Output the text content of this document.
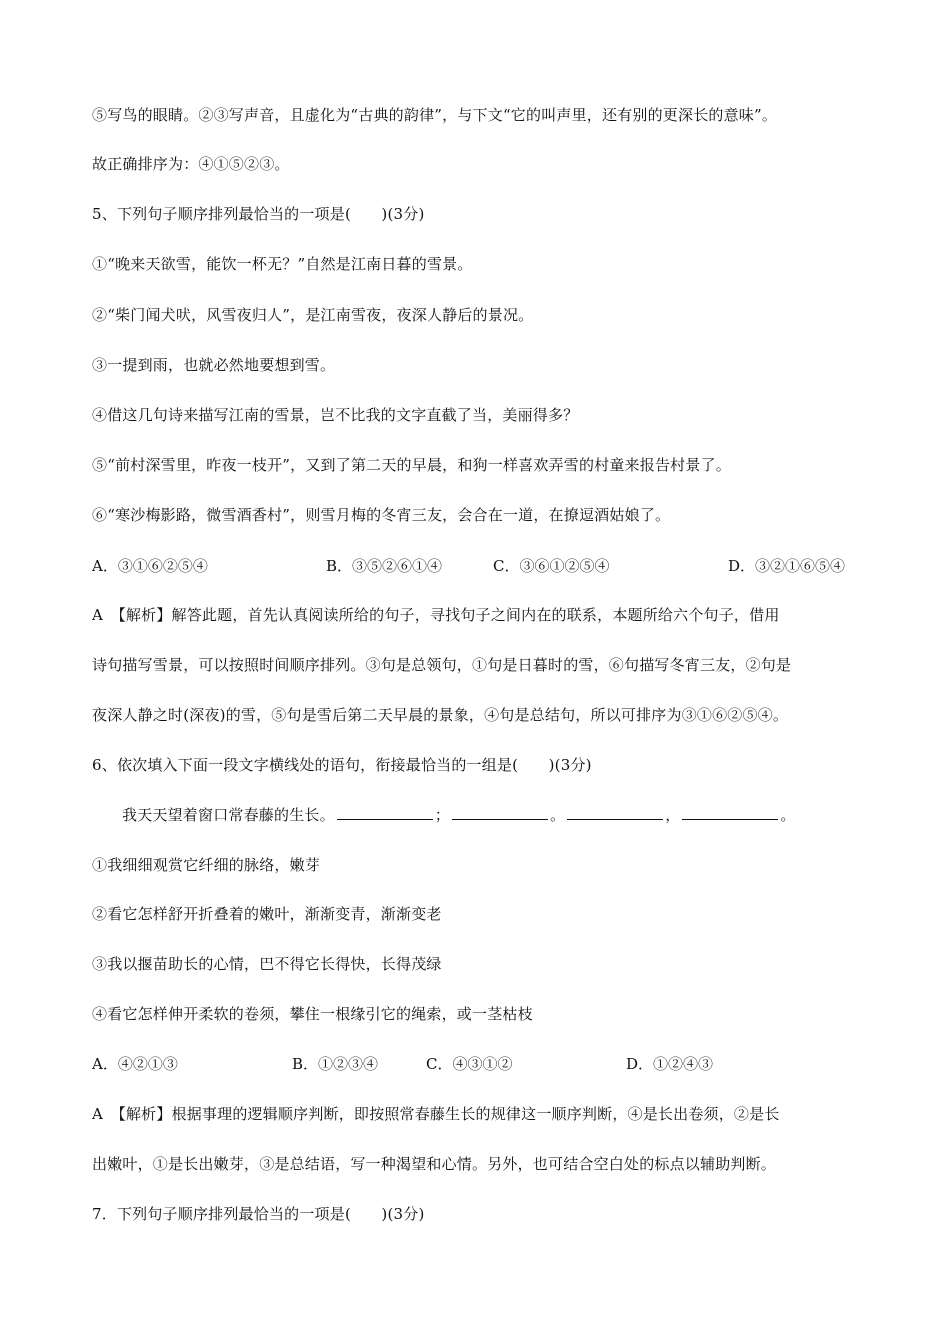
⑤写鸟的眼睛。②③写声音，且虚化为“古典的韵律”，与下文“它的叫声里，还有别的更深长的意味”。
故正确排序为：④①⑤②③。
5、下列句子顺序排列最恰当的一项是(　　)(3分)
①“晚来天欲雪，能饮一杯无？”自然是江南日暮的雪景。
②“柴门闻犬吠，风雪夜归人”，是江南雪夜，夜深人静后的景况。
③一提到雨，也就必然地要想到雪。
④借这几句诗来描写江南的雪景，岂不比我的文字直截了当，美丽得多？
⑤“前村深雪里，昨夜一枝开”，又到了第二天的早晨，和狗一样喜欢弄雪的村童来报告村景了。
⑥“寒沙梅影路，微雪酒香村”，则雪月梅的冬宵三友，会合在一道，在撩逗酒姑娘了。
A．③①⑥②⑤④	B．③⑤②⑥①④	C．③⑥①②⑤④	D．③②①⑥⑤④
A　【解析】解答此题，首先认真阅读所给的句子，寻找句子之间内在的联系，本题所给六个句子，借用
诗句描写雪景，可以按照时间顺序排列。③句是总领句，①句是日暮时的雪，⑥句描写冬宵三友，②句是
夜深人静之时(深夜)的雪，⑤句是雪后第二天早晨的景象，④句是总结句，所以可排序为③①⑥②⑤④。
6、依次填入下面一段文字横线处的语句，衔接最恰当的一组是(　　)(3分)
我天天望着窗口常春藤的生长。	；	。	，	。
①我细细观赏它纤细的脉络，嫩芽
②看它怎样舒开折叠着的嫩叶，渐渐变青，渐渐变老
③我以揠苗助长的心情，巴不得它长得快，长得茂绿
④看它怎样伸开柔软的卷须，攀住一根缘引它的绳索，或一茎枯枝
A．④②①③	B．①②③④	C．④③①②	D．①②④③
A　【解析】根据事理的逻辑顺序判断，即按照常春藤生长的规律这一顺序判断，④是长出卷须，②是长
出嫩叶，①是长出嫩芽，③是总结语，写一种渴望和心情。另外，也可结合空白处的标点以辅助判断。
7．下列句子顺序排列最恰当的一项是(　　)(3分)
